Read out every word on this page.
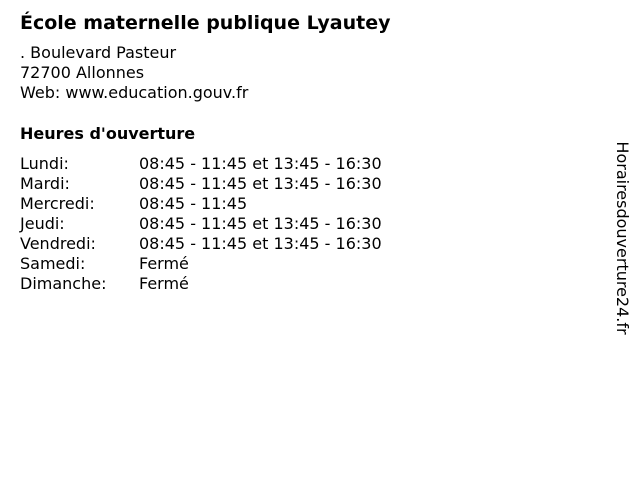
École maternelle publique Lyautey
. Boulevard Pasteur
72700 Allonnes
Web: www.education.gouv.fr
Heures d'ouverture
Lundi:	08:45 - 11:45 et 13:45 - 16:30
Mardi:	08:45 - 11:45 et 13:45 - 16:30
Mercredi:	08:45 - 11:45
Jeudi:	08:45 - 11:45 et 13:45 - 16:30
Vendredi:	08:45 - 11:45 et 13:45 - 16:30
Samedi:	Fermé
Dimanche: Fermé	Horairesdouverture24.fr
